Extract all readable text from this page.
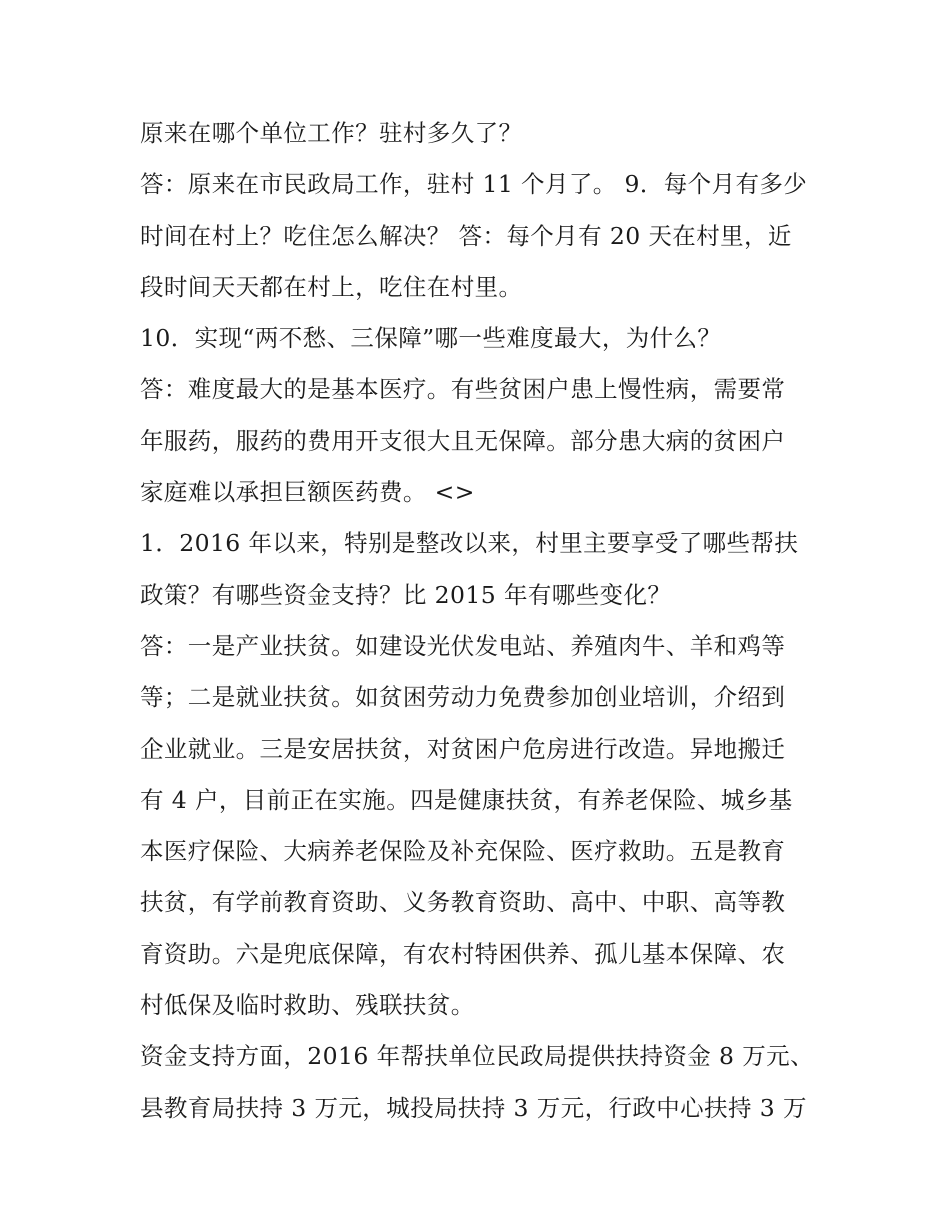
原来在哪个单位工作？驻村多久了？
答：原来在市民政局工作，驻村 11 个月了。 9．每个月有多少
时间在村上？吃住怎么解决？ 答：每个月有 20 天在村里，近
段时间天天都在村上，吃住在村里。
10．实现“两不愁、三保障”哪一些难度最大，为什么？
答：难度最大的是基本医疗。有些贫困户患上慢性病，需要常
年服药，服药的费用开支很大且无保障。部分患大病的贫困户
家庭难以承担巨额医药费。 <>
1．2016 年以来，特别是整改以来，村里主要享受了哪些帮扶
政策？有哪些资金支持？比 2015 年有哪些变化？
答：一是产业扶贫。如建设光伏发电站、养殖肉牛、羊和鸡等
等；二是就业扶贫。如贫困劳动力免费参加创业培训，介绍到
企业就业。三是安居扶贫，对贫困户危房进行改造。异地搬迁
有 4 户，目前正在实施。四是健康扶贫，有养老保险、城乡基
本医疗保险、大病养老保险及补充保险、医疗救助。五是教育
扶贫，有学前教育资助、义务教育资助、高中、中职、高等教
育资助。六是兜底保障，有农村特困供养、孤儿基本保障、农
村低保及临时救助、残联扶贫。
资金支持方面，2016 年帮扶单位民政局提供扶持资金 8 万元、
县教育局扶持 3 万元，城投局扶持 3 万元，行政中心扶持 3 万
